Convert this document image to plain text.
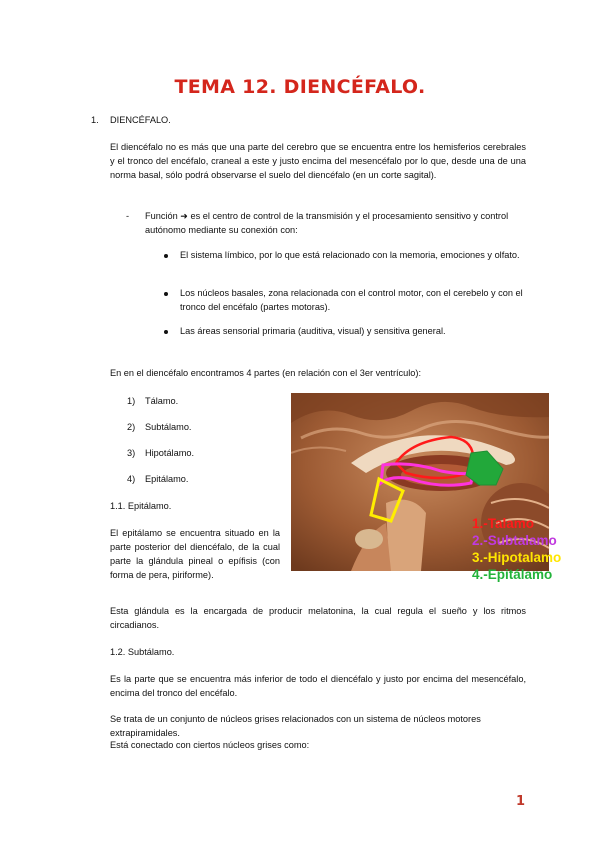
TEMA 12. DIENCÉFALO.
1. DIENCÉFALO.
El diencéfalo no es más que una parte del cerebro que se encuentra entre los hemisferios cerebrales y el tronco del encéfalo, craneal a este y justo encima del mesencéfalo por lo que, desde una de una norma basal, sólo podrá observarse el suelo del diencéfalo (en un corte sagital).
- Función ➜ es el centro de control de la transmisión y el procesamiento sensitivo y control autónomo mediante su conexión con:
El sistema límbico, por lo que está relacionado con la memoria, emociones y olfato.
Los núcleos basales, zona relacionada con el control motor, con el cerebelo y con el tronco del encéfalo (partes motoras).
Las áreas sensorial primaria (auditiva, visual) y sensitiva general.
En en el diencéfalo encontramos 4 partes (en relación con el 3er ventrículo):
1) Tálamo.
2) Subtálamo.
3) Hipotálamo.
4) Epitálamo.
1.1. Epitálamo.
El epitálamo se encuentra situado en la parte posterior del diencéfalo, de la cual parte la glándula pineal o epífisis (con forma de pera, piriforme).
1.-Talamo
2.-Subtalamo
3.-Hipotalamo
4.-Epitálamo
Esta glándula es la encargada de producir melatonina, la cual regula el sueño y los ritmos circadianos.
1.2. Subtálamo.
Es la parte que se encuentra más inferior de todo el diencéfalo y justo por encima del mesencéfalo, encima del tronco del encéfalo.
Se trata de un conjunto de núcleos grises relacionados con un sistema de núcleos motores extrapiramidales.
Está conectado con ciertos núcleos grises como:
1
